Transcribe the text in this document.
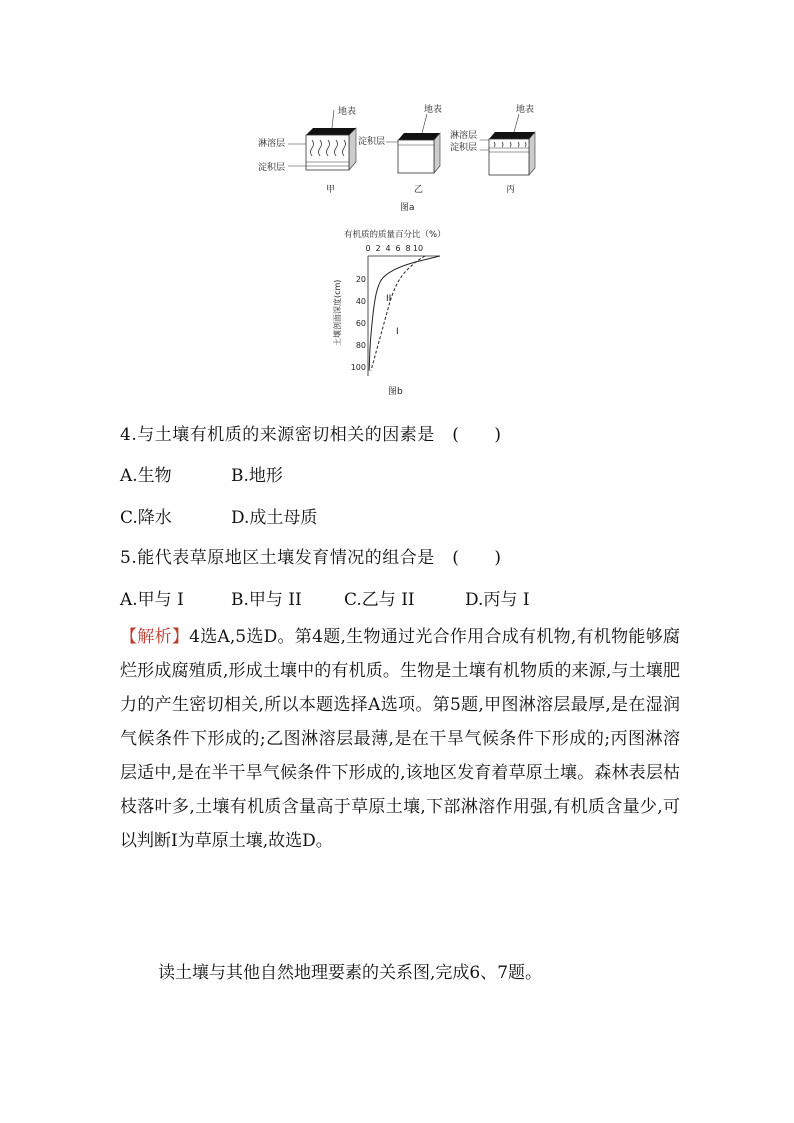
地表
淋溶层
淀积层
甲
地表
淀积层
乙
地表
淋溶层
淀积层
丙
图a
有机质的质量百分比（%）
0 2 4 6 8 10
20
40
60
80
100
土壤剖面深度(cm)	II
I
图b
4.与土壤有机质的来源密切相关的因素是　(　　)
A.生物	B.地形
C.降水	D.成土母质
5.能代表草原地区土壤发育情况的组合是　(　　)
A.甲与 I	B.甲与 II C.乙与 II	D.丙与 I
【解析】4选A,5选D。第4题,生物通过光合作用合成有机物,有机物能够腐烂形成腐殖质,形成土壤中的有机质。生物是土壤有机物质的来源,与土壤肥力的产生密切相关,所以本题选择A选项。第5题,甲图淋溶层最厚,是在湿润气候条件下形成的;乙图淋溶层最薄,是在干旱气候条件下形成的;丙图淋溶层适中,是在半干旱气候条件下形成的,该地区发育着草原土壤。森林表层枯枝落叶多,土壤有机质含量高于草原土壤,下部淋溶作用强,有机质含量少,可以判断I为草原土壤,故选D。
读土壤与其他自然地理要素的关系图,完成6、7题。
